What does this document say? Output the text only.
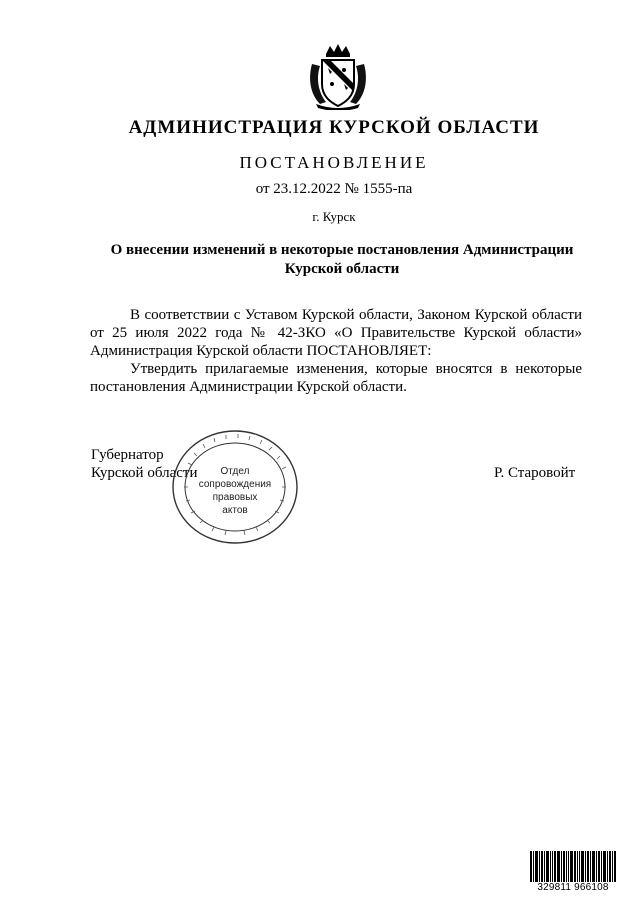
АДМИНИСТРАЦИЯ КУРСКОЙ ОБЛАСТИ
ПОСТАНОВЛЕНИЕ
от 23.12.2022 № 1555-па
г. Курск
О внесении изменений в некоторые постановления Администрации
Курской области

В соответствии с Уставом Курской области, Законом Курской области от 25 июля 2022 года № 42-ЗКО «О Правительстве Курской области» Администрация Курской области ПОСТАНОВЛЯЕТ:

Утвердить прилагаемые изменения, которые вносятся в некоторые постановления Администрации Курской области.

Губернатор
Курской области	Р. Старовойт
Отдел
сопровождения
правовых
актов
329811 966108
